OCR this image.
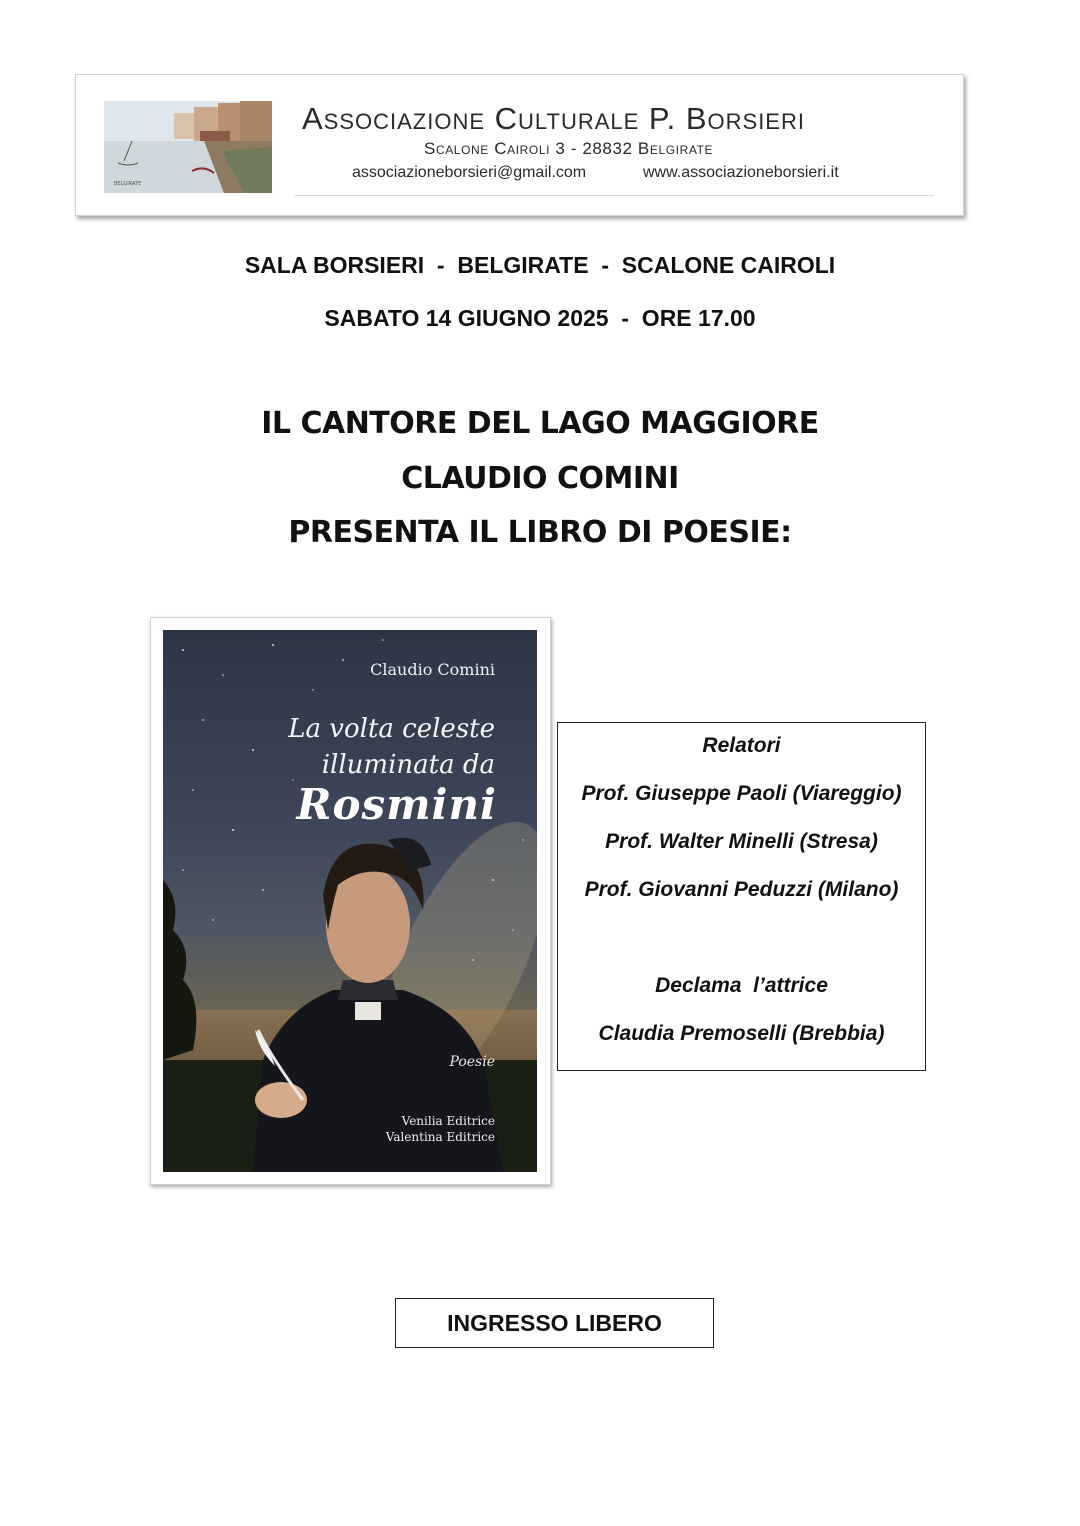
BELGIRATE
Associazione Culturale P. Borsieri
Scalone Cairoli 3 - 28832 Belgirate
associazioneborsieri@gmail.com	www.associazioneborsieri.it
SALA BORSIERI  -  BELGIRATE  -  SCALONE CAIROLI
SABATO 14 GIUGNO 2025  -  ORE 17.00
IL CANTORE DEL LAGO MAGGIORE
CLAUDIO COMINI
PRESENTA IL LIBRO DI POESIE:
Claudio Comini
La volta celeste
illuminata da
Rosmini
Poesie
Venilia Editrice
Valentina Editrice
Relatori
Prof. Giuseppe Paoli (Viareggio)
Prof. Walter Minelli (Stresa)
Prof. Giovanni Peduzzi (Milano)
Declama  l’attrice
Claudia Premoselli (Brebbia)
INGRESSO LIBERO
